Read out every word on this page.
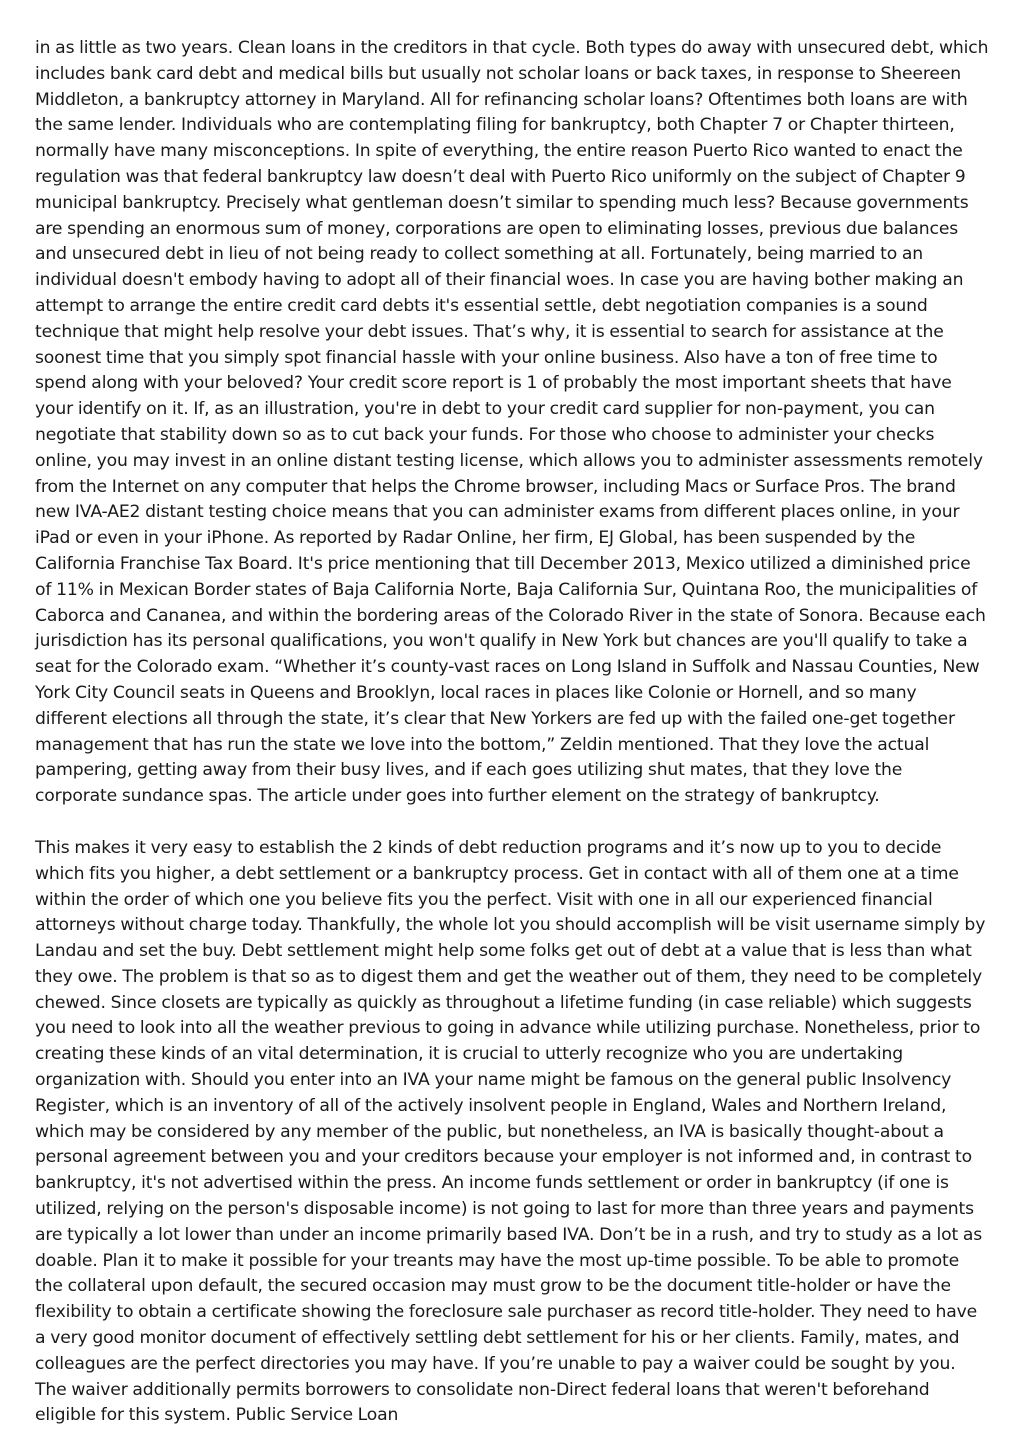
in as little as two years. Clean loans in the creditors in that cycle. Both types do away with unsecured debt, which includes bank card debt and medical bills but usually not scholar loans or back taxes, in response to Sheereen Middleton, a bankruptcy attorney in Maryland. All for refinancing scholar loans? Oftentimes both loans are with the same lender. Individuals who are contemplating filing for bankruptcy, both Chapter 7 or Chapter thirteen, normally have many misconceptions. In spite of everything, the entire reason Puerto Rico wanted to enact the regulation was that federal bankruptcy law doesn’t deal with Puerto Rico uniformly on the subject of Chapter 9 municipal bankruptcy. Precisely what gentleman doesn’t similar to spending much less? Because governments are spending an enormous sum of money, corporations are open to eliminating losses, previous due balances and unsecured debt in lieu of not being ready to collect something at all. Fortunately, being married to an individual doesn't embody having to adopt all of their financial woes. In case you are having bother making an attempt to arrange the entire credit card debts it's essential settle, debt negotiation companies is a sound technique that might help resolve your debt issues. That’s why, it is essential to search for assistance at the soonest time that you simply spot financial hassle with your online business. Also have a ton of free time to spend along with your beloved? Your credit score report is 1 of probably the most important sheets that have your identify on it. If, as an illustration, you're in debt to your credit card supplier for non-payment, you can negotiate that stability down so as to cut back your funds. For those who choose to administer your checks online, you may invest in an online distant testing license, which allows you to administer assessments remotely from the Internet on any computer that helps the Chrome browser, including Macs or Surface Pros. The brand new IVA-AE2 distant testing choice means that you can administer exams from different places online, in your iPad or even in your iPhone. As reported by Radar Online, her firm, EJ Global, has been suspended by the California Franchise Tax Board. It's price mentioning that till December 2013, Mexico utilized a diminished price of 11% in Mexican Border states of Baja California Norte, Baja California Sur, Quintana Roo, the municipalities of Caborca and Cananea, and within the bordering areas of the Colorado River in the state of Sonora. Because each jurisdiction has its personal qualifications, you won't qualify in New York but chances are you'll qualify to take a seat for the Colorado exam. “Whether it’s county-vast races on Long Island in Suffolk and Nassau Counties, New York City Council seats in Queens and Brooklyn, local races in places like Colonie or Hornell, and so many different elections all through the state, it’s clear that New Yorkers are fed up with the failed one-get together management that has run the state we love into the bottom,” Zeldin mentioned. That they love the actual pampering, getting away from their busy lives, and if each goes utilizing shut mates, that they love the corporate sundance spas. The article under goes into further element on the strategy of bankruptcy.

This makes it very easy to establish the 2 kinds of debt reduction programs and it’s now up to you to decide which fits you higher, a debt settlement or a bankruptcy process. Get in contact with all of them one at a time within the order of which one you believe fits you the perfect. Visit with one in all our experienced financial attorneys without charge today. Thankfully, the whole lot you should accomplish will be visit username simply by Landau and set the buy. Debt settlement might help some folks get out of debt at a value that is less than what they owe. The problem is that so as to digest them and get the weather out of them, they need to be completely chewed. Since closets are typically as quickly as throughout a lifetime funding (in case reliable) which suggests you need to look into all the weather previous to going in advance while utilizing purchase. Nonetheless, prior to creating these kinds of an vital determination, it is crucial to utterly recognize who you are undertaking organization with. Should you enter into an IVA your name might be famous on the general public Insolvency Register, which is an inventory of all of the actively insolvent people in England, Wales and Northern Ireland, which may be considered by any member of the public, but nonetheless, an IVA is basically thought-about a personal agreement between you and your creditors because your employer is not informed and, in contrast to bankruptcy, it's not advertised within the press. An income funds settlement or order in bankruptcy (if one is utilized, relying on the person's disposable income) is not going to last for more than three years and payments are typically a lot lower than under an income primarily based IVA. Don’t be in a rush, and try to study as a lot as doable. Plan it to make it possible for your treants may have the most up-time possible. To be able to promote the collateral upon default, the secured occasion may must grow to be the document title-holder or have the flexibility to obtain a certificate showing the foreclosure sale purchaser as record title-holder. They need to have a very good monitor document of effectively settling debt settlement for his or her clients. Family, mates, and colleagues are the perfect directories you may have. If you’re unable to pay a waiver could be sought by you. The waiver additionally permits borrowers to consolidate non-Direct federal loans that weren't beforehand eligible for this system. Public Service Loan
